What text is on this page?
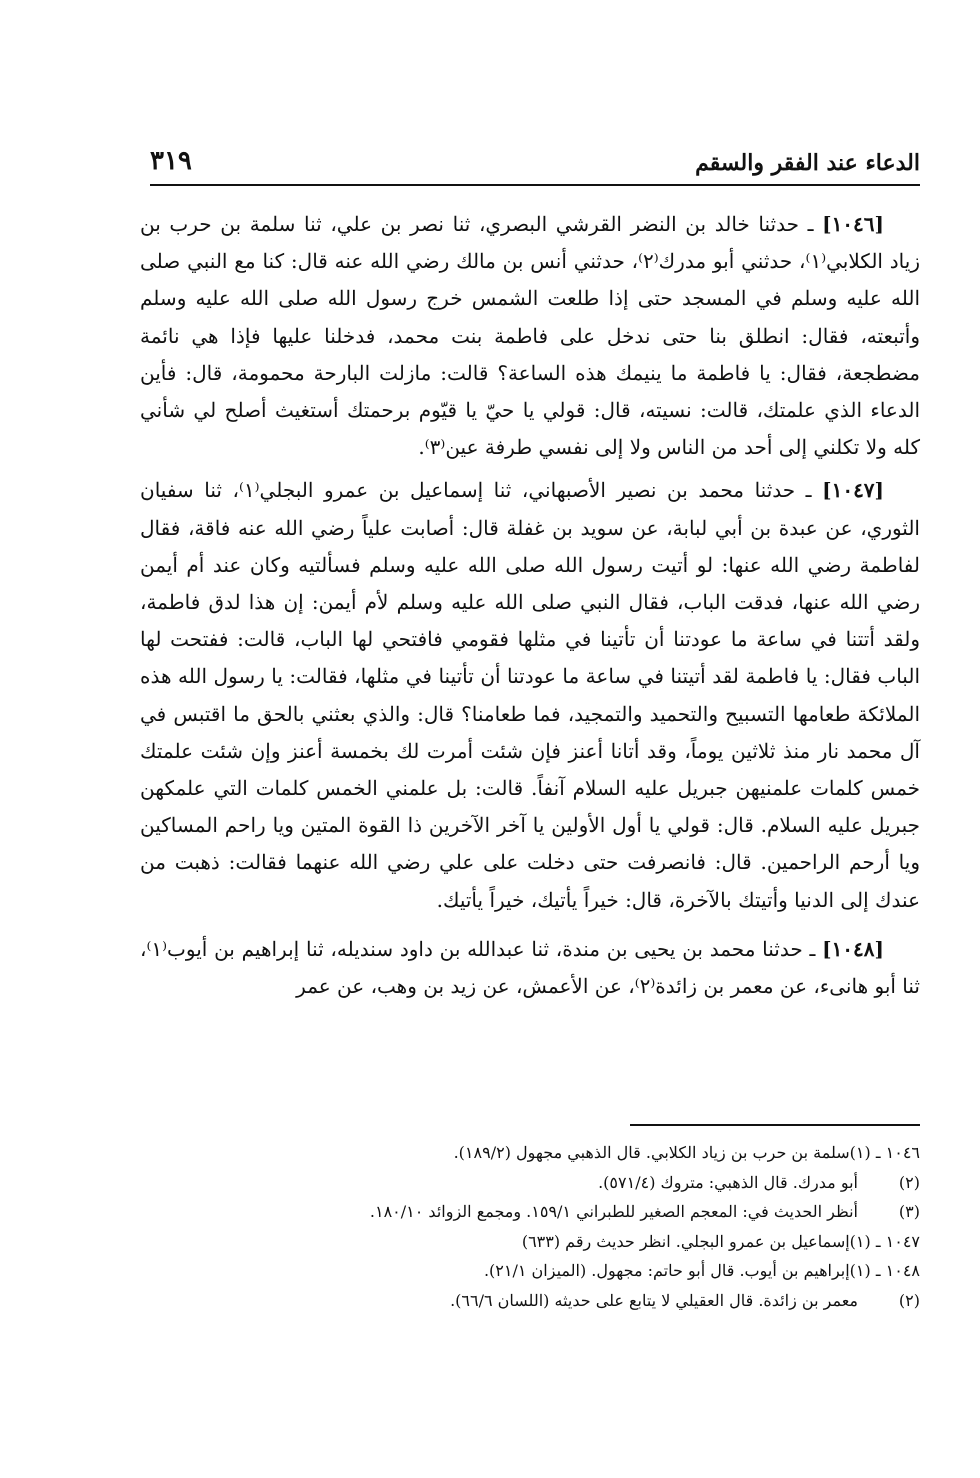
الدعاء عند الفقر والسقم
٣١٩

[١٠٤٦] ـ حدثنا خالد بن النضر القرشي البصري، ثنا نصر بن علي، ثنا سلمة بن حرب بن زياد الكلابي⁽١⁾، حدثني أبو مدرك⁽٢⁾، حدثني أنس بن مالك رضي الله عنه قال: كنا مع النبي صلى الله عليه وسلم في المسجد حتى إذا طلعت الشمس خرج رسول الله صلى الله عليه وسلم وأتبعته، فقال: انطلق بنا حتى ندخل على فاطمة بنت محمد، فدخلنا عليها فإذا هي نائمة مضطجعة، فقال: يا فاطمة ما ينيمك هذه الساعة؟ قالت: مازلت البارحة محمومة، قال: فأين الدعاء الذي علمتك، قالت: نسيته، قال: قولي يا حيّ يا قيّوم برحمتك أستغيث أصلح لي شأني كله ولا تكلني إلى أحد من الناس ولا إلى نفسي طرفة عين⁽٣⁾.

[١٠٤٧] ـ حدثنا محمد بن نصير الأصبهاني، ثنا إسماعيل بن عمرو البجلي⁽١⁾، ثنا سفيان الثوري، عن عبدة بن أبي لبابة، عن سويد بن غفلة قال: أصابت علياً رضي الله عنه فاقة، فقال لفاطمة رضي الله عنها: لو أتيت رسول الله صلى الله عليه وسلم فسألتيه وكان عند أم أيمن رضي الله عنها، فدقت الباب، فقال النبي صلى الله عليه وسلم لأم أيمن: إن هذا لدق فاطمة، ولقد أتتنا في ساعة ما عودتنا أن تأتينا في مثلها فقومي فافتحي لها الباب، قالت: ففتحت لها الباب فقال: يا فاطمة لقد أتيتنا في ساعة ما عودتنا أن تأتينا في مثلها، فقالت: يا رسول الله هذه الملائكة طعامها التسبيح والتحميد والتمجيد، فما طعامنا؟ قال: والذي بعثني بالحق ما اقتبس في آل محمد نار منذ ثلاثين يوماً، وقد أتانا أعنز فإن شئت أمرت لك بخمسة أعنز وإن شئت علمتك خمس كلمات علمنيهن جبريل عليه السلام آنفاً. قالت: بل علمني الخمس كلمات التي علمكهن جبريل عليه السلام. قال: قولي يا أول الأولين يا آخر الآخرين ذا القوة المتين ويا راحم المساكين ويا أرحم الراحمين. قال: فانصرفت حتى دخلت على علي رضي الله عنهما فقالت: ذهبت من عندك إلى الدنيا وأتيتك بالآخرة، قال: خيراً يأتيك، خيراً يأتيك.

[١٠٤٨] ـ حدثنا محمد بن يحيى بن مندة، ثنا عبدالله بن داود سنديله، ثنا إبراهيم بن أيوب⁽١⁾، ثنا أبو هانىء، عن معمر بن زائدة⁽٢⁾، عن الأعمش، عن زيد بن وهب، عن عمر

١٠٤٦ ـ (١)
سلمة بن حرب بن زياد الكلابي. قال الذهبي مجهول (١٨٩/٢).
(٢)
أبو مدرك. قال الذهبي: متروك (٥٧١/٤).
(٣)
أنظر الحديث في: المعجم الصغير للطبراني ١٥٩/١. ومجمع الزوائد ١٨٠/١٠.
١٠٤٧ ـ (١)
إسماعيل بن عمرو البجلي. انظر حديث رقم (٦٣٣)
١٠٤٨ ـ (١)
إبراهيم بن أيوب. قال أبو حاتم: مجهول. (الميزان ٢١/١).
(٢)
معمر بن زائدة. قال العقيلي لا يتابع على حديثه (اللسان ٦٦/٦).
